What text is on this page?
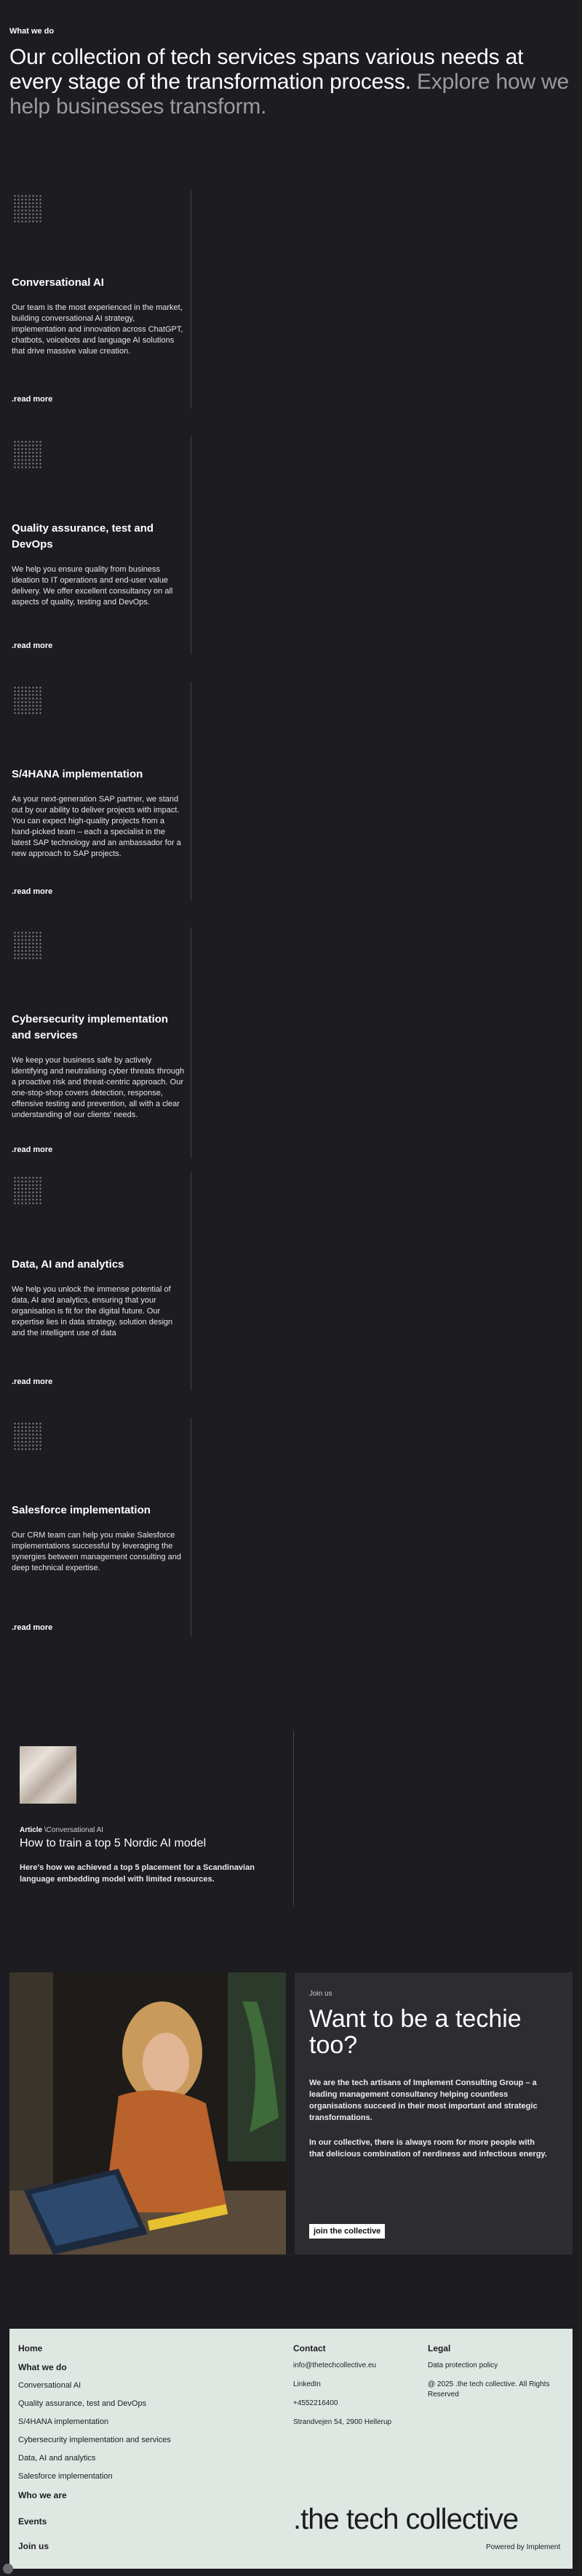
What we do
Our collection of tech services spans various needs at every stage of the transformation process. Explore how we help businesses transform.
Conversational AI

Our team is the most experienced in the market, building conversational AI strategy, implementation and innovation across ChatGPT, chatbots, voicebots and language AI solutions that drive massive value creation.

.read more
Quality assurance, test and DevOps

We help you ensure quality from business ideation to IT operations and end-user value delivery. We offer excellent consultancy on all aspects of quality, testing and DevOps.

.read more
S/4HANA implementation

As your next-generation SAP partner, we stand out by our ability to deliver projects with impact. You can expect high-quality projects from a hand-picked team – each a specialist in the latest SAP technology and an ambassador for a new approach to SAP projects.

.read more
Cybersecurity implementation and services

We keep your business safe by actively identifying and neutralising cyber threats through a proactive risk and threat-centric approach. Our one-stop-shop covers detection, response, offensive testing and prevention, all with a clear understanding of our clients' needs.

.read more
Data, AI and analytics

We help you unlock the immense potential of data, AI and analytics, ensuring that your organisation is fit for the digital future. Our expertise lies in data strategy, solution design and the intelligent use of data

.read more
Salesforce implementation

Our CRM team can help you make Salesforce implementations successful by leveraging the synergies between management consulting and deep technical expertise.

.read more
Article \Conversational AI
How to train a top 5 Nordic AI model

Here's how we achieved a top 5 placement for a Scandinavian language embedding model with limited resources.

Join us
Want to be a techie too?

We are the tech artisans of Implement Consulting Group – a leading management consultancy helping countless organisations succeed in their most important and strategic transformations.

In our collective, there is always room for more people with that delicious combination of nerdiness and infectious energy.

join the collective
Home
What we do
Conversational AI
Quality assurance, test and DevOps
S/4HANA implementation
Cybersecurity implementation and services
Data, AI and analytics
Salesforce implementation
Who we are
Events
Join us
Contact
info@thetechcollective.eu
LinkedIn
+4552216400
Strandvejen 54, 2900 Hellerup
Legal
Data protection policy
@ 2025 .the tech collective. All Rights Reserved
.the tech collective
Powered by Implement
